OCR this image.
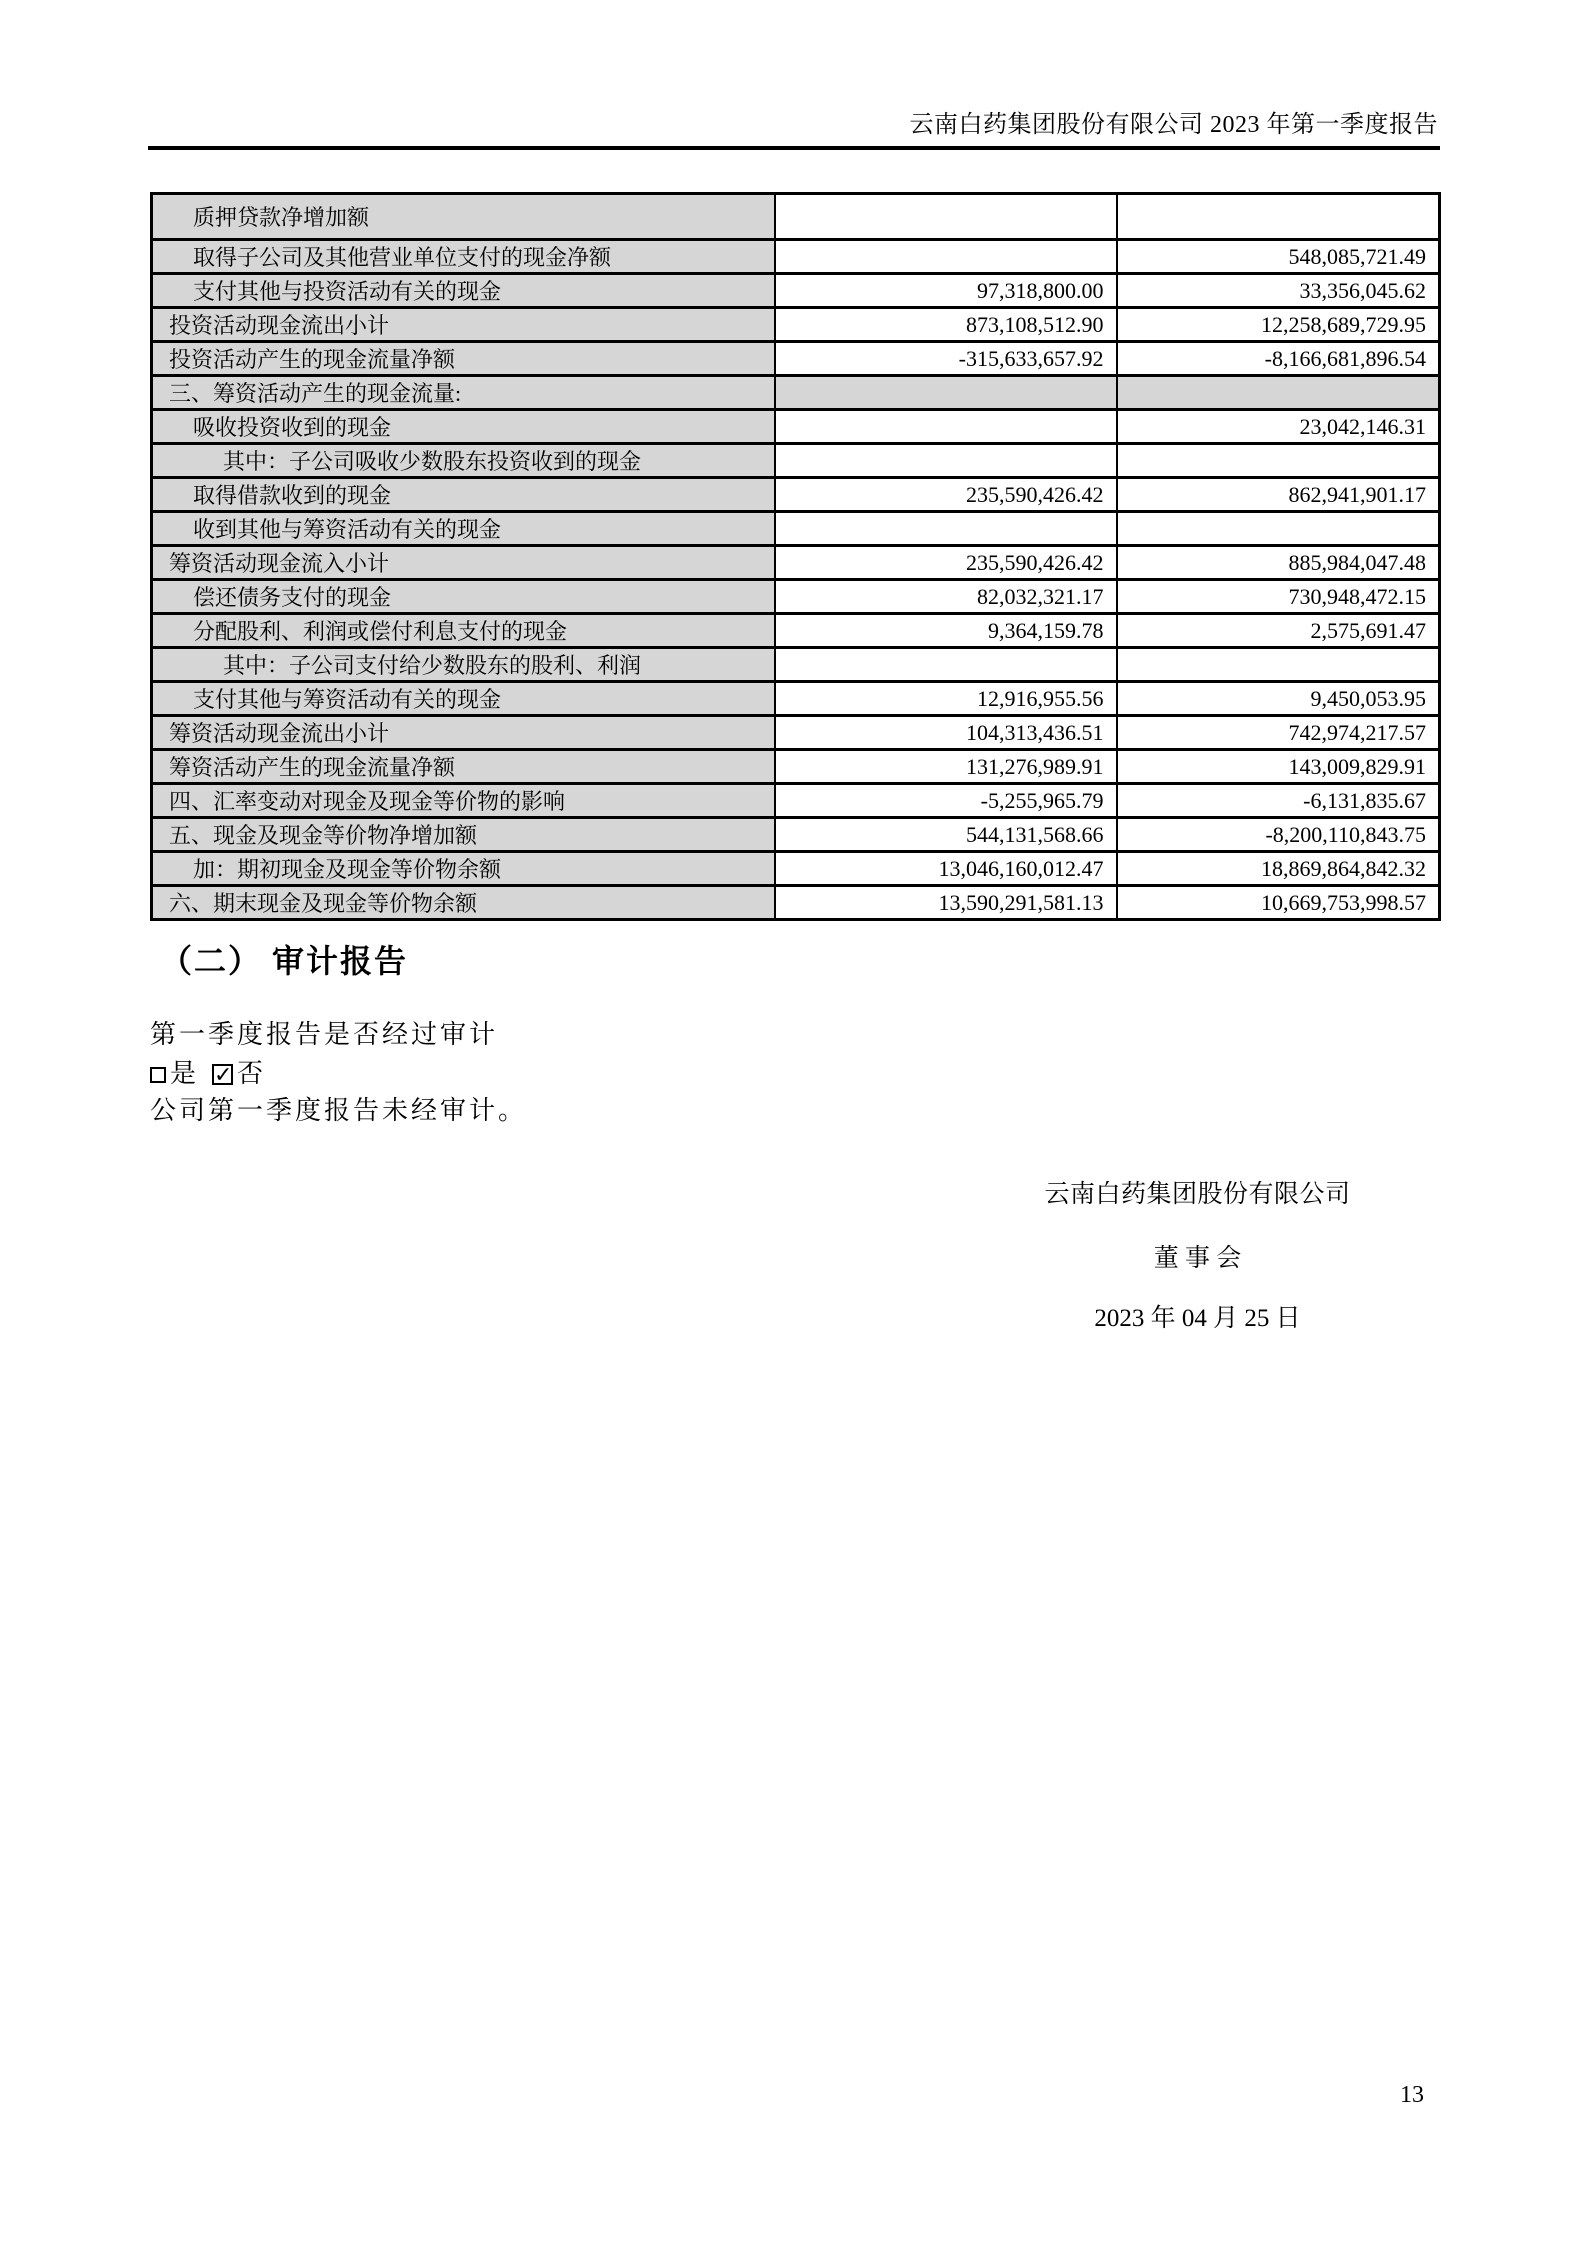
云南白药集团股份有限公司 2023 年第一季度报告
质押贷款净增加额		
取得子公司及其他营业单位支付的现金净额		548,085,721.49
支付其他与投资活动有关的现金	97,318,800.00	33,356,045.62
投资活动现金流出小计	873,108,512.90	12,258,689,729.95
投资活动产生的现金流量净额	-315,633,657.92	-8,166,681,896.54
三、筹资活动产生的现金流量:		
吸收投资收到的现金		23,042,146.31
其中：子公司吸收少数股东投资收到的现金		
取得借款收到的现金	235,590,426.42	862,941,901.17
收到其他与筹资活动有关的现金		
筹资活动现金流入小计	235,590,426.42	885,984,047.48
偿还债务支付的现金	82,032,321.17	730,948,472.15
分配股利、利润或偿付利息支付的现金	9,364,159.78	2,575,691.47
其中：子公司支付给少数股东的股利、利润		
支付其他与筹资活动有关的现金	12,916,955.56	9,450,053.95
筹资活动现金流出小计	104,313,436.51	742,974,217.57
筹资活动产生的现金流量净额	131,276,989.91	143,009,829.91
四、汇率变动对现金及现金等价物的影响	-5,255,965.79	-6,131,835.67
五、现金及现金等价物净增加额	544,131,568.66	-8,200,110,843.75
加：期初现金及现金等价物余额	13,046,160,012.47	18,869,864,842.32
六、期末现金及现金等价物余额	13,590,291,581.13	10,669,753,998.57
（二） 审计报告
第一季度报告是否经过审计
是 ✓ 否
公司第一季度报告未经审计。
云南白药集团股份有限公司
董 事 会
2023 年 04 月 25 日
13
